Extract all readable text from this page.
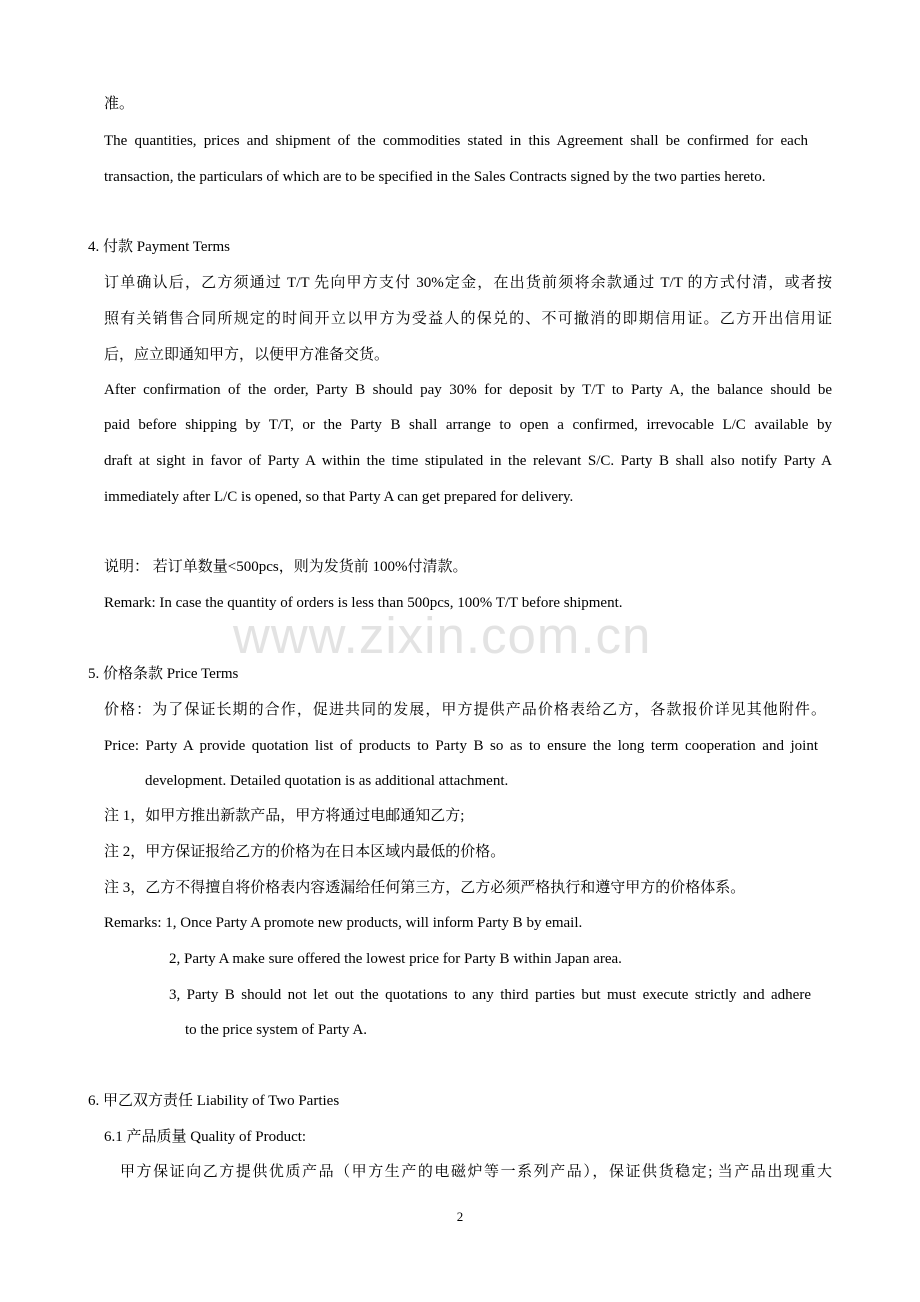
www.zixin.com.cn
准。
The quantities, prices and shipment of the commodities stated in this Agreement shall be confirmed for each
transaction, the particulars of which are to be specified in the Sales Contracts signed by the two parties hereto.
4. 付款 Payment Terms
订单确认后，乙方须通过 T/T 先向甲方支付 30%定金，在出货前须将余款通过 T/T 的方式付清，或者按
照有关销售合同所规定的时间开立以甲方为受益人的保兑的、不可撤消的即期信用证。乙方开出信用证
后，应立即通知甲方，以便甲方准备交货。
After confirmation of the order, Party B should pay 30% for deposit by T/T to Party A, the balance should be
paid before shipping by T/T, or the Party B shall arrange to open a confirmed, irrevocable L/C available by
draft at sight in favor of Party A within the time stipulated in the relevant S/C. Party B shall also notify Party A
immediately after L/C is opened, so that Party A can get prepared for delivery.
说明： 若订单数量<500pcs，则为发货前 100%付清款。
Remark: In case the quantity of orders is less than 500pcs, 100% T/T before shipment.
5. 价格条款 Price Terms
价格：为了保证长期的合作，促进共同的发展，甲方提供产品价格表给乙方，各款报价详见其他附件。
Price: Party A provide quotation list of products to Party B so as to ensure the long term cooperation and joint
development. Detailed quotation is as additional attachment.
注 1，如甲方推出新款产品，甲方将通过电邮通知乙方;
注 2，甲方保证报给乙方的价格为在日本区域内最低的价格。
注 3，乙方不得擅自将价格表内容透漏给任何第三方，乙方必须严格执行和遵守甲方的价格体系。
Remarks: 1, Once Party A promote new products, will inform Party B by email.
2, Party A make sure offered the lowest price for Party B within Japan area.
3, Party B should not let out the quotations to any third parties but must execute strictly and adhere
to the price system of Party A.
6. 甲乙双方责任 Liability of Two Parties
6.1 产品质量 Quality of Product:
甲方保证向乙方提供优质产品（甲方生产的电磁炉等一系列产品），保证供货稳定; 当产品出现重大
2
